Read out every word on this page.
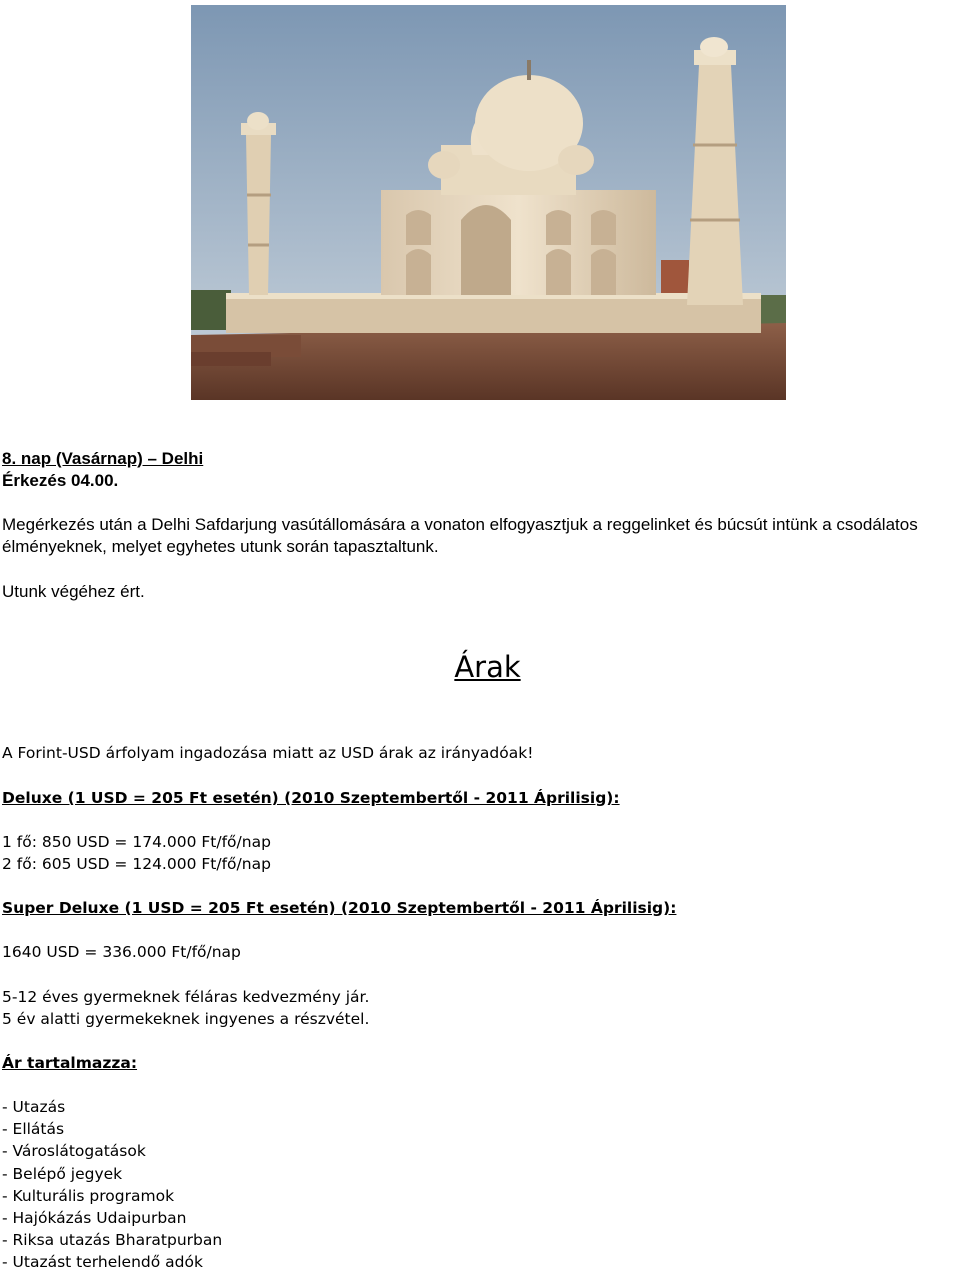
8. nap (Vasárnap) – Delhi

Érkezés 04.00.

Megérkezés után a Delhi Safdarjung vasútállomására a vonaton elfogyasztjuk a reggelinket és búcsút intünk a csodálatos élményeknek, melyet egyhetes utunk során tapasztaltunk.

Utunk végéhez ért.

Árak

A Forint-USD árfolyam ingadozása miatt az USD árak az irányadóak!

Deluxe (1 USD = 205 Ft esetén) (2010 Szeptembertől - 2011 Áprilisig):

1 fő: 850 USD = 174.000 Ft/fő/nap

2 fő: 605 USD = 124.000 Ft/fő/nap

Super Deluxe (1 USD = 205 Ft esetén) (2010 Szeptembertől - 2011 Áprilisig):

1640 USD = 336.000 Ft/fő/nap

5-12 éves gyermeknek féláras kedvezmény jár.

5 év alatti gyermekeknek ingyenes a részvétel.

Ár tartalmazza:

- Utazás
- Ellátás
- Városlátogatások
- Belépő jegyek
- Kulturális programok
- Hajókázás Udaipurban
- Riksa utazás Bharatpurban
- Utazást terhelendő adók
